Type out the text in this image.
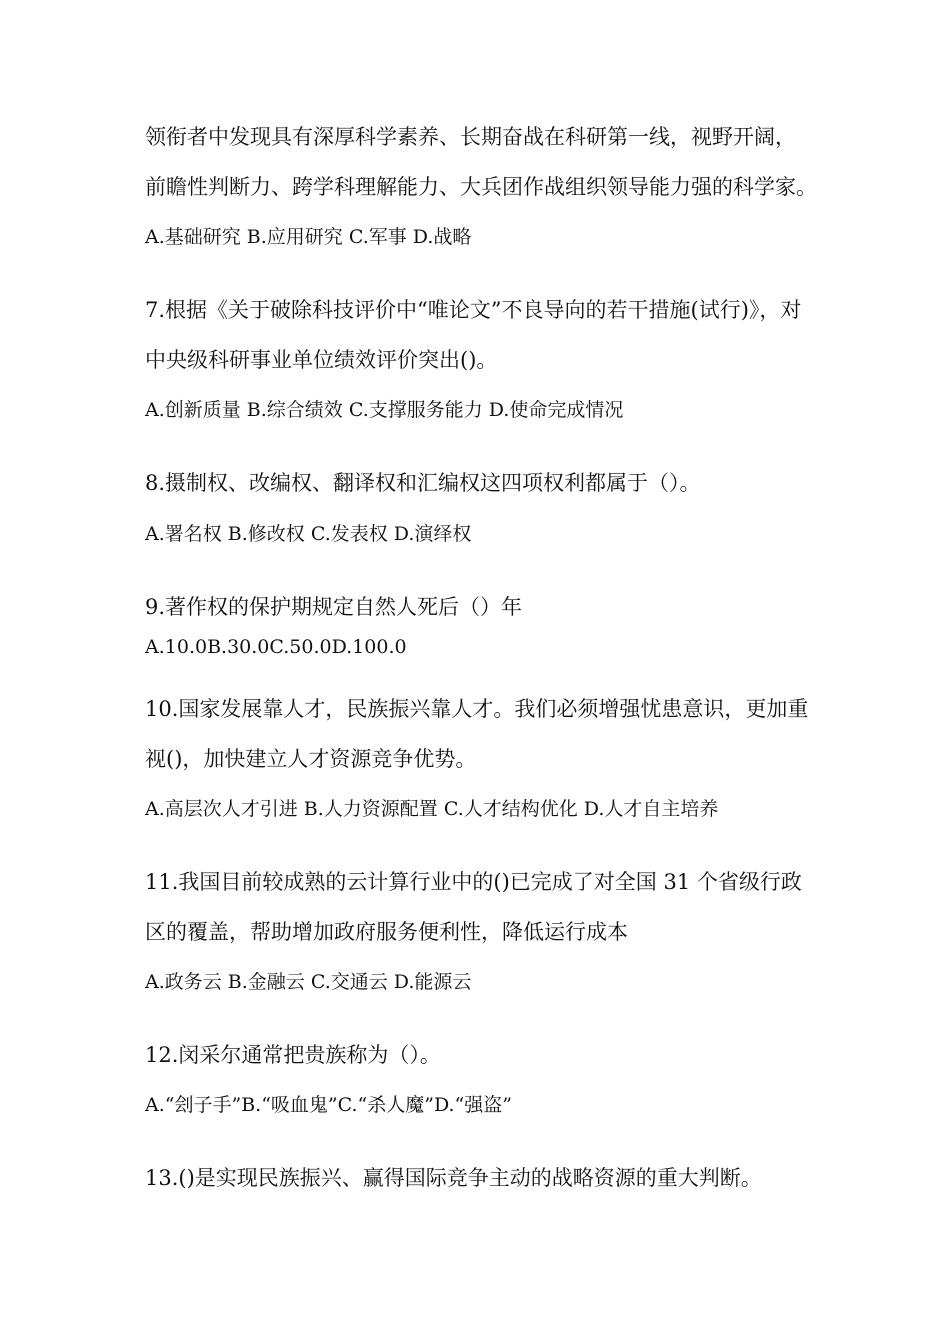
领衔者中发现具有深厚科学素养、长期奋战在科研第一线，视野开阔，
前瞻性判断力、跨学科理解能力、大兵团作战组织领导能力强的科学家。
A.基础研究 B.应用研究 C.军事 D.战略
7.根据《关于破除科技评价中“唯论文”不良导向的若干措施(试行)》，对
中央级科研事业单位绩效评价突出()。
A.创新质量 B.综合绩效 C.支撑服务能力 D.使命完成情况
8.摄制权、改编权、翻译权和汇编权这四项权利都属于（）。
A.署名权 B.修改权 C.发表权 D.演绎权
9.著作权的保护期规定自然人死后（）年
A.10.0B.30.0C.50.0D.100.0
10.国家发展靠人才，民族振兴靠人才。我们必须增强忧患意识，更加重
视()，加快建立人才资源竞争优势。
A.高层次人才引进 B.人力资源配置 C.人才结构优化 D.人才自主培养
11.我国目前较成熟的云计算行业中的()已完成了对全国 31 个省级行政
区的覆盖，帮助增加政府服务便利性，降低运行成本
A.政务云 B.金融云 C.交通云 D.能源云
12.闵采尔通常把贵族称为（）。
A.“刽子手”B.“吸血鬼”C.“杀人魔”D.“强盗”
13.()是实现民族振兴、赢得国际竞争主动的战略资源的重大判断。
